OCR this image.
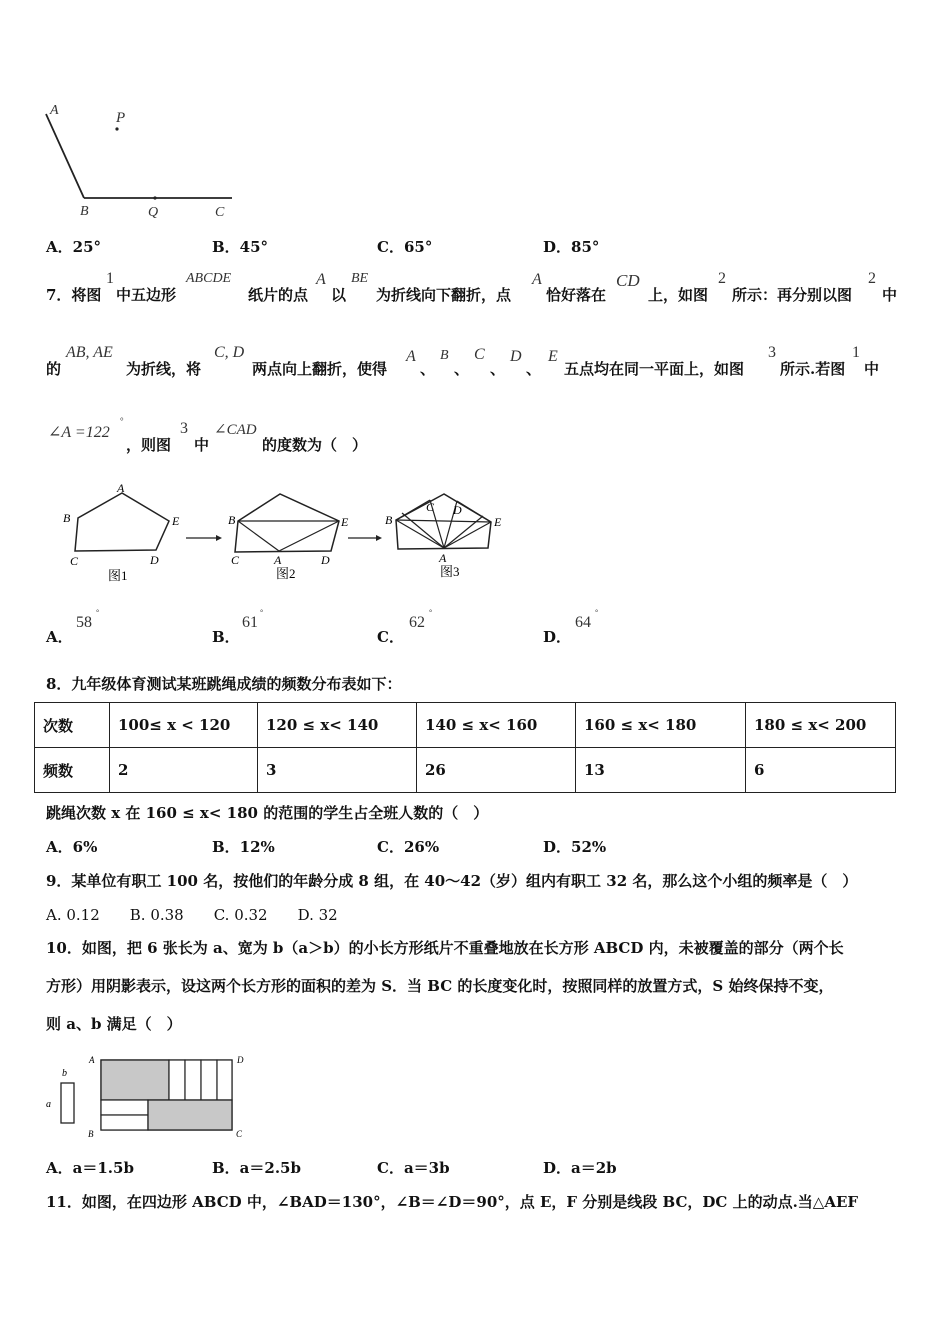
A	P
B	Q	C
A．25°	B．45°	C．65°	D．85°
7．将图
1
中五边形
ABCDE
纸片的点
A
以
BE
为折线向下翻折，点
A
恰好落在
CD
上，如图
2
所示：再分别以图
2
中
的
AB, AE
为折线，将
C, D
两点向上翻折，使得
A
、
B
、
C
、
D
、
E
五点均在同一平面上，如图
3
所示.若图
1
中
∠A =122
°
，则图
3
中
∠CAD
的度数为（　）
A
B
C	D
E
图1
B	E
C	A	D
图2
B
C D
E
A
图3
A．
58
°
B．
61
°
C．
62
°
D．
64
°
8．九年级体育测试某班跳绳成绩的频数分布表如下：
次数	100≤ x < 120	120 ≤ x< 140	140 ≤ x< 160	160 ≤ x< 180	180 ≤ x< 200
频数	2	3	26	13	6
跳绳次数 x 在 160 ≤ x< 180 的范围的学生占全班人数的（　）
A．6%	B．12%	C．26%	D．52%
9．某单位有职工 100 名，按他们的年龄分成 8 组，在 40～42（岁）组内有职工 32 名，那么这个小组的频率是（　）
A. 0.12　　B. 0.38　　C. 0.32　　D. 32
10．如图，把 6 张长为 a、宽为 b（a＞b）的小长方形纸片不重叠地放在长方形 ABCD 内，未被覆盖的部分（两个长
方形）用阴影表示，设这两个长方形的面积的差为 S．当 BC 的长度变化时，按照同样的放置方式，S 始终保持不变，
则 a、b 满足（　）
b
a
A	D
B	C
A．a＝1.5b	B．a＝2.5b	C．a＝3b	D．a＝2b
11．如图，在四边形 ABCD 中，∠BAD＝130°，∠B＝∠D＝90°，点 E，F 分别是线段 BC，DC 上的动点.当△AEF
